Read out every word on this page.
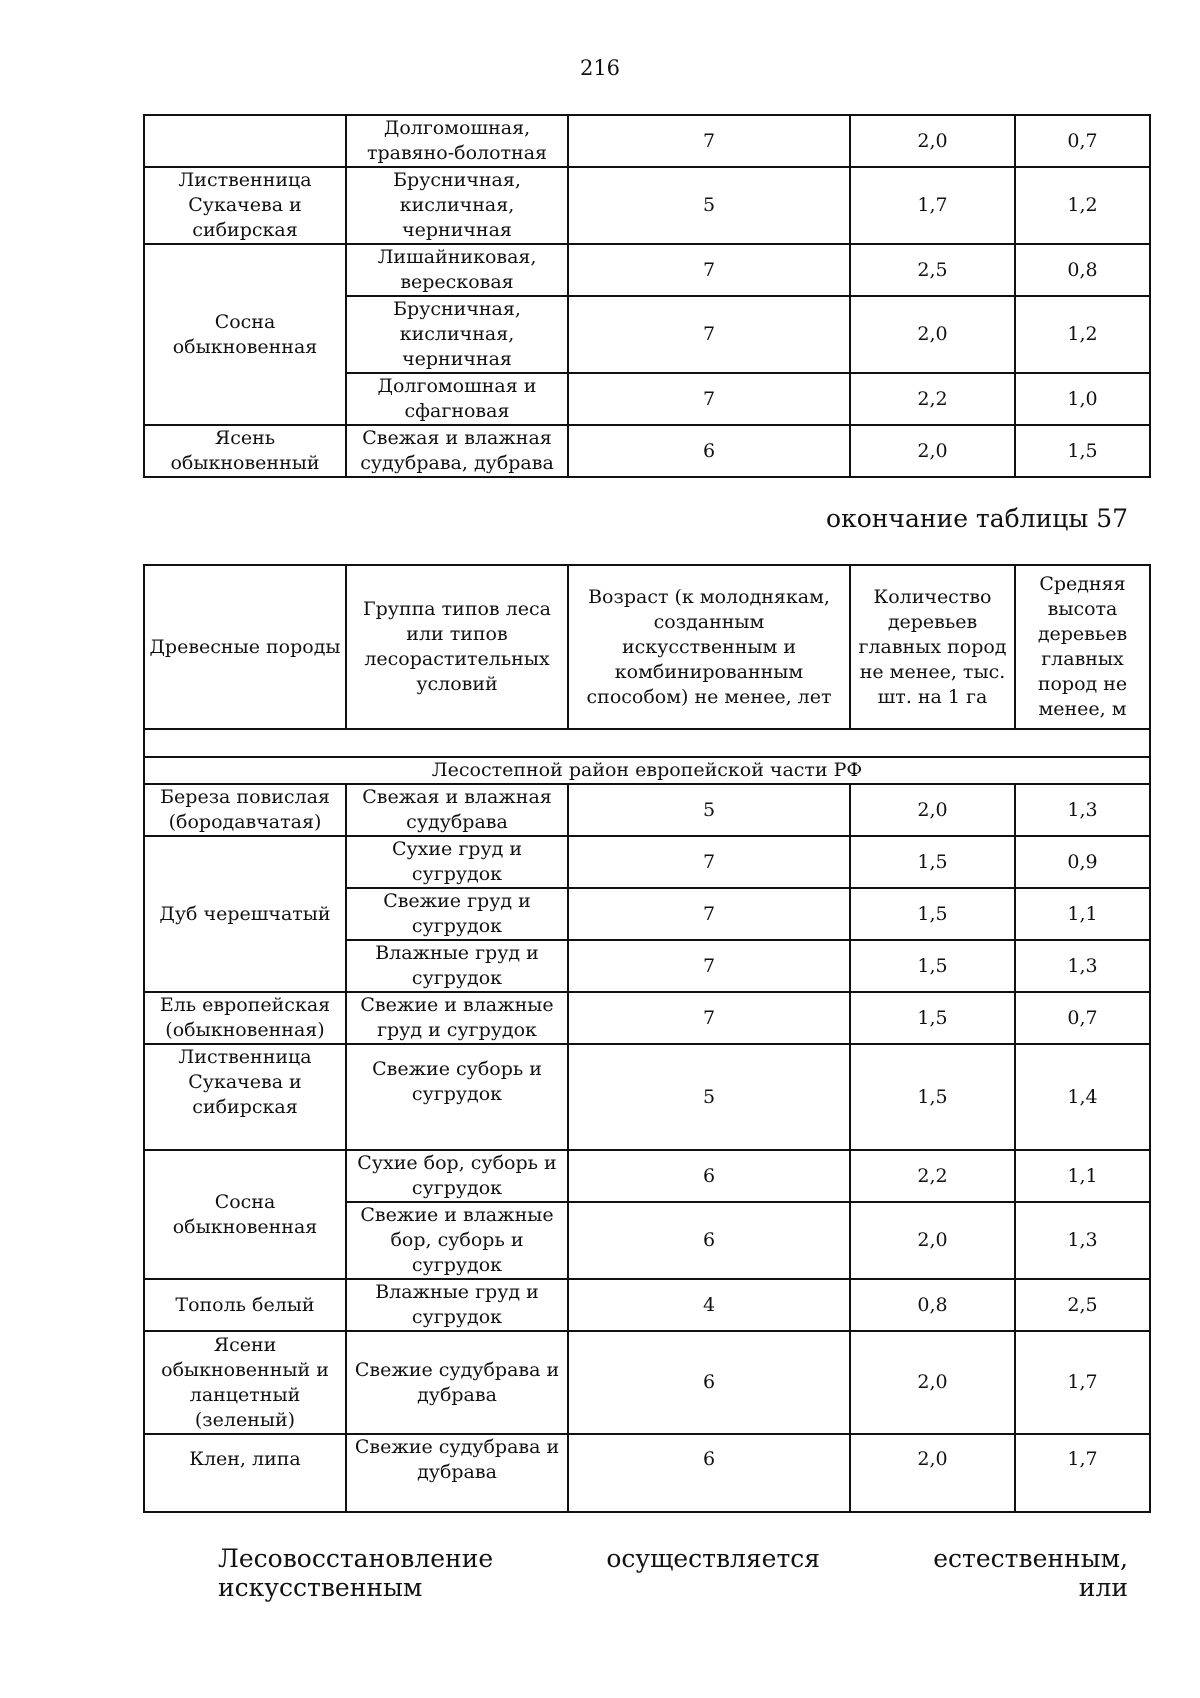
216
	Долгомошная, травяно-болотная	7	2,0	0,7
Лиственница Сукачева и сибирская	Брусничная, кисличная, черничная	5	1,7	1,2
Сосна обыкновенная	Лишайниковая, вересковая	7	2,5	0,8
	Брусничная, кисличная, черничная	7	2,0	1,2
	Долгомошная и сфагновая	7	2,2	1,0
Ясень обыкновенный	Свежая и влажная судубрава, дубрава	6	2,0	1,5
окончание таблицы 57
Древесные породы	Группа типов леса или типов лесорастительных условий	Возраст (к молоднякам, созданным искусственным и комбинированным способом) не менее, лет	Количество деревьев главных пород не менее, тыс. шт. на 1 га	Средняя высота деревьев главных пород не менее, м

Лесостепной район европейской части РФ				
Береза повислая (бородавчатая)	Свежая и влажная судубрава	5	2,0	1,3
Дуб черешчатый	Сухие груд и сугрудок	7	1,5	0,9
	Свежие груд и сугрудок	7	1,5	1,1
	Влажные груд и сугрудок	7	1,5	1,3
Ель европейская (обыкновенная)	Свежие и влажные груд и сугрудок	7	1,5	0,7
Лиственница Сукачева и сибирская	Свежие суборь и сугрудок	5	1,5	1,4
Сосна обыкновенная	Сухие бор, суборь и сугрудок	6	2,2	1,1
	Свежие и влажные бор, суборь и сугрудок	6	2,0	1,3
Тополь белый	Влажные груд и сугрудок	4	0,8	2,5
Ясени обыкновенный и ланцетный (зеленый)	Свежие судубрава и дубрава	6	2,0	1,7
Клен, липа	Свежие судубрава и дубрава	6	2,0	1,7
Лесовосстановление осуществляется естественным, искусственным или
